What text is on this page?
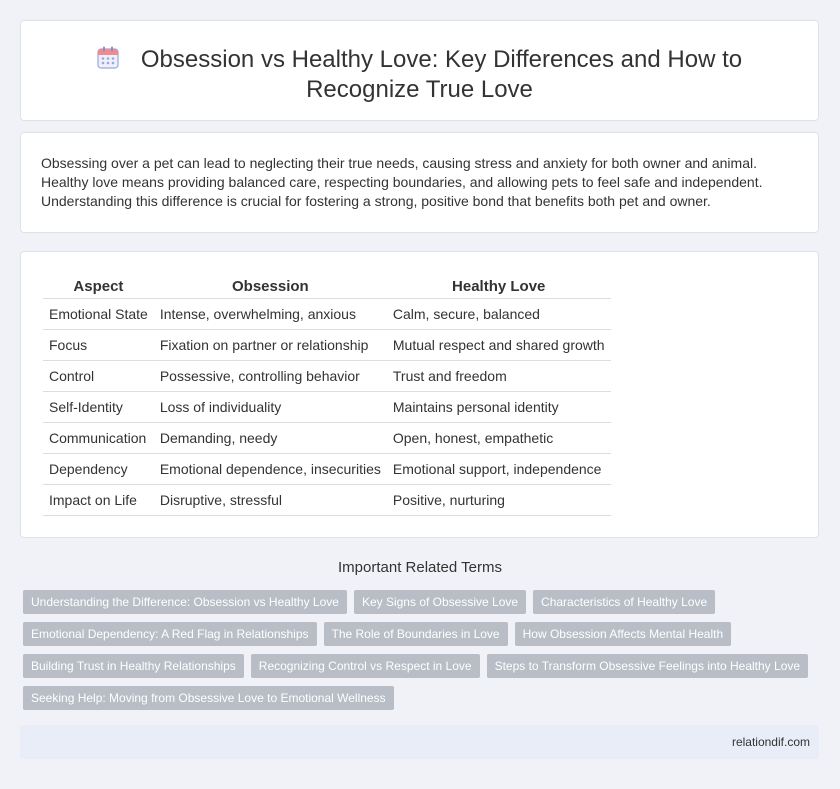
Obsession vs Healthy Love: Key Differences and How to
Recognize True Love

Obsessing over a pet can lead to neglecting their true needs, causing stress and anxiety for both owner and animal. Healthy love means providing balanced care, respecting boundaries, and allowing pets to feel safe and independent. Understanding this difference is crucial for fostering a strong, positive bond that benefits both pet and owner.

Aspect	Obsession	Healthy Love
Emotional State	Intense, overwhelming, anxious	Calm, secure, balanced
Focus	Fixation on partner or relationship	Mutual respect and shared growth
Control	Possessive, controlling behavior	Trust and freedom
Self-Identity	Loss of individuality	Maintains personal identity
Communication	Demanding, needy	Open, honest, empathetic
Dependency	Emotional dependence, insecurities	Emotional support, independence
Impact on Life	Disruptive, stressful	Positive, nurturing
Important Related Terms
Understanding the Difference: Obsession vs Healthy Love	Key Signs of Obsessive Love	Characteristics of Healthy Love
Emotional Dependency: A Red Flag in Relationships	The Role of Boundaries in Love	How Obsession Affects Mental Health
Building Trust in Healthy Relationships	Recognizing Control vs Respect in Love	Steps to Transform Obsessive Feelings into Healthy Love
Seeking Help: Moving from Obsessive Love to Emotional Wellness
relationdif.com
